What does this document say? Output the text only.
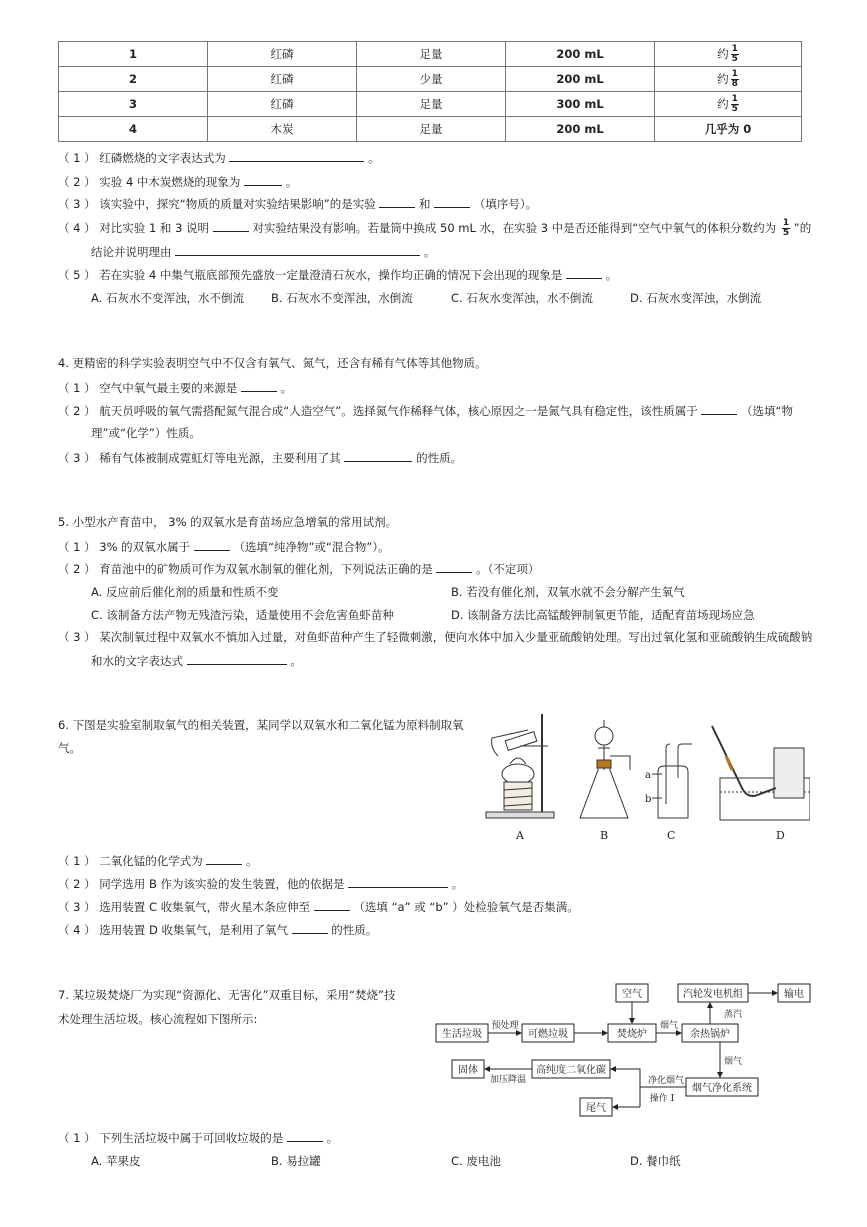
1	红磷	足量	200 mL	约 $\frac{1}{5}$

2	红磷	少量	200 mL	约 $\frac{1}{8}$

3	红磷	足量	300 mL	约 $\frac{1}{5}$

4	木炭	足量	200 mL	几乎为 0
（ 1 ） 红磷燃烧的文字表达式为	。
（ 2 ） 实验 4 中木炭燃烧的现象为	。
（ 3 ） 该实验中，探究“物质的质量对实验结果影响”的是实验	和	（填序号）。
（ 4 ） 对比实验 1 和 3 说明	对实验结果没有影响。若量筒中换成 50 mL 水，在实验 3 中是否还能得到“空气中氧气的体积分数约为 $\frac{1}{5}$ ”的
结论并说明理由	。
（ 5 ） 若在实验 4 中集气瓶底部预先盛放一定量澄清石灰水，操作均正确的情况下会出现的现象是	。
A. 石灰水不变浑浊，水不倒流 B. 石灰水不变浑浊，水倒流	C. 石灰水变浑浊，水不倒流	D. 石灰水变浑浊，水倒流
4. 更精密的科学实验表明空气中不仅含有氧气、氮气，还含有稀有气体等其他物质。
（ 1 ） 空气中氧气最主要的来源是	。
（ 2 ） 航天员呼吸的氧气需搭配氮气混合成“人造空气”。选择氮气作稀释气体，核心原因之一是氮气具有稳定性，该性质属于	（选填“物
理”或“化学”）性质。
（ 3 ） 稀有气体被制成霓虹灯等电光源，主要利用了其	的性质。
5. 小型水产育苗中， 3% 的双氧水是育苗场应急增氧的常用试剂。
（ 1 ） 3% 的双氧水属于	（选填“纯净物”或“混合物”）。
（ 2 ） 育苗池中的矿物质可作为双氧水制氧的催化剂，下列说法正确的是	。（不定项）
A. 反应前后催化剂的质量和性质不变	B. 若没有催化剂，双氧水就不会分解产生氧气
C. 该制备方法产物无残渣污染，适量使用不会危害鱼虾苗种	D. 该制备方法比高锰酸钾制氧更节能，适配育苗场现场应急
（ 3 ） 某次制氧过程中双氧水不慎加入过量，对鱼虾苗种产生了轻微刺激，便向水体中加入少量亚硫酸钠处理。写出过氧化氢和亚硫酸钠生成硫酸钠
和水的文字表达式	。
6. 下图是实验室制取氧气的相关装置，某同学以双氧水和二氧化锰为原料制取氧
气。
a
b
A	B	C	D
（ 1 ） 二氧化锰的化学式为	。
（ 2 ） 同学选用 B 作为该实验的发生装置，他的依据是	。
（ 3 ） 选用装置 C 收集氧气，带火星木条应伸至	（选填 “a” 或 “b” ）处检验氧气是否集满。
（ 4 ） 选用装置 D 收集氧气，是利用了氧气	的性质。
7. 某垃圾焚烧厂为实现“资源化、无害化”双重目标，采用“焚烧”技
术处理生活垃圾。核心流程如下图所示:
生活垃圾
预处理
可燃垃圾
空气
焚烧炉
烟气
余热锅炉
蒸汽
汽轮发电机组	输电
烟气
烟气净化系统
净化烟气
操作 I
高纯度二氧化碳
加压降温
固体
尾气
（ 1 ） 下列生活垃圾中属于可回收垃圾的是	。
A. 苹果皮	B. 易拉罐	C. 废电池	D. 餐巾纸
